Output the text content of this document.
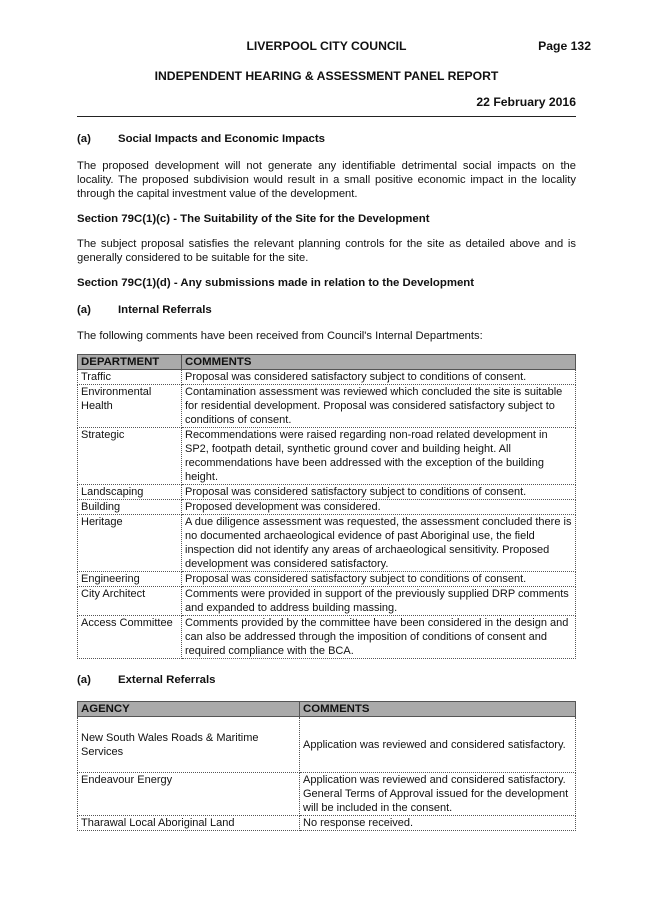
LIVERPOOL CITY COUNCIL	Page 132
INDEPENDENT HEARING & ASSESSMENT PANEL REPORT
22 February 2016

(a) Social Impacts and Economic Impacts

The proposed development will not generate any identifiable detrimental social impacts on the locality. The proposed subdivision would result in a small positive economic impact in the locality through the capital investment value of the development.

Section 79C(1)(c) - The Suitability of the Site for the Development

The subject proposal satisfies the relevant planning controls for the site as detailed above and is generally considered to be suitable for the site.

Section 79C(1)(d) - Any submissions made in relation to the Development

(a) Internal Referrals

The following comments have been received from Council's Internal Departments:

DEPARTMENT	COMMENTS
Traffic	Proposal was considered satisfactory subject to conditions of consent.
Environmental Health	Contamination assessment was reviewed which concluded the site is suitable for residential development. Proposal was considered satisfactory subject to conditions of consent.
Strategic	Recommendations were raised regarding non-road related development in SP2, footpath detail, synthetic ground cover and building height. All recommendations have been addressed with the exception of the building height.
Landscaping	Proposal was considered satisfactory subject to conditions of consent.
Building	Proposed development was considered.
Heritage	A due diligence assessment was requested, the assessment concluded there is no documented archaeological evidence of past Aboriginal use, the field inspection did not identify any areas of archaeological sensitivity. Proposed development was considered satisfactory.
Engineering	Proposal was considered satisfactory subject to conditions of consent.
City Architect	Comments were provided in support of the previously supplied DRP comments and expanded to address building massing.
Access Committee	Comments provided by the committee have been considered in the design and can also be addressed through the imposition of conditions of consent and required compliance with the BCA.

(a) External Referrals

AGENCY	COMMENTS
New South Wales Roads & Maritime Services	Application was reviewed and considered satisfactory.
Endeavour Energy	Application was reviewed and considered satisfactory. General Terms of Approval issued for the development will be included in the consent.
Tharawal Local Aboriginal Land	No response received.
